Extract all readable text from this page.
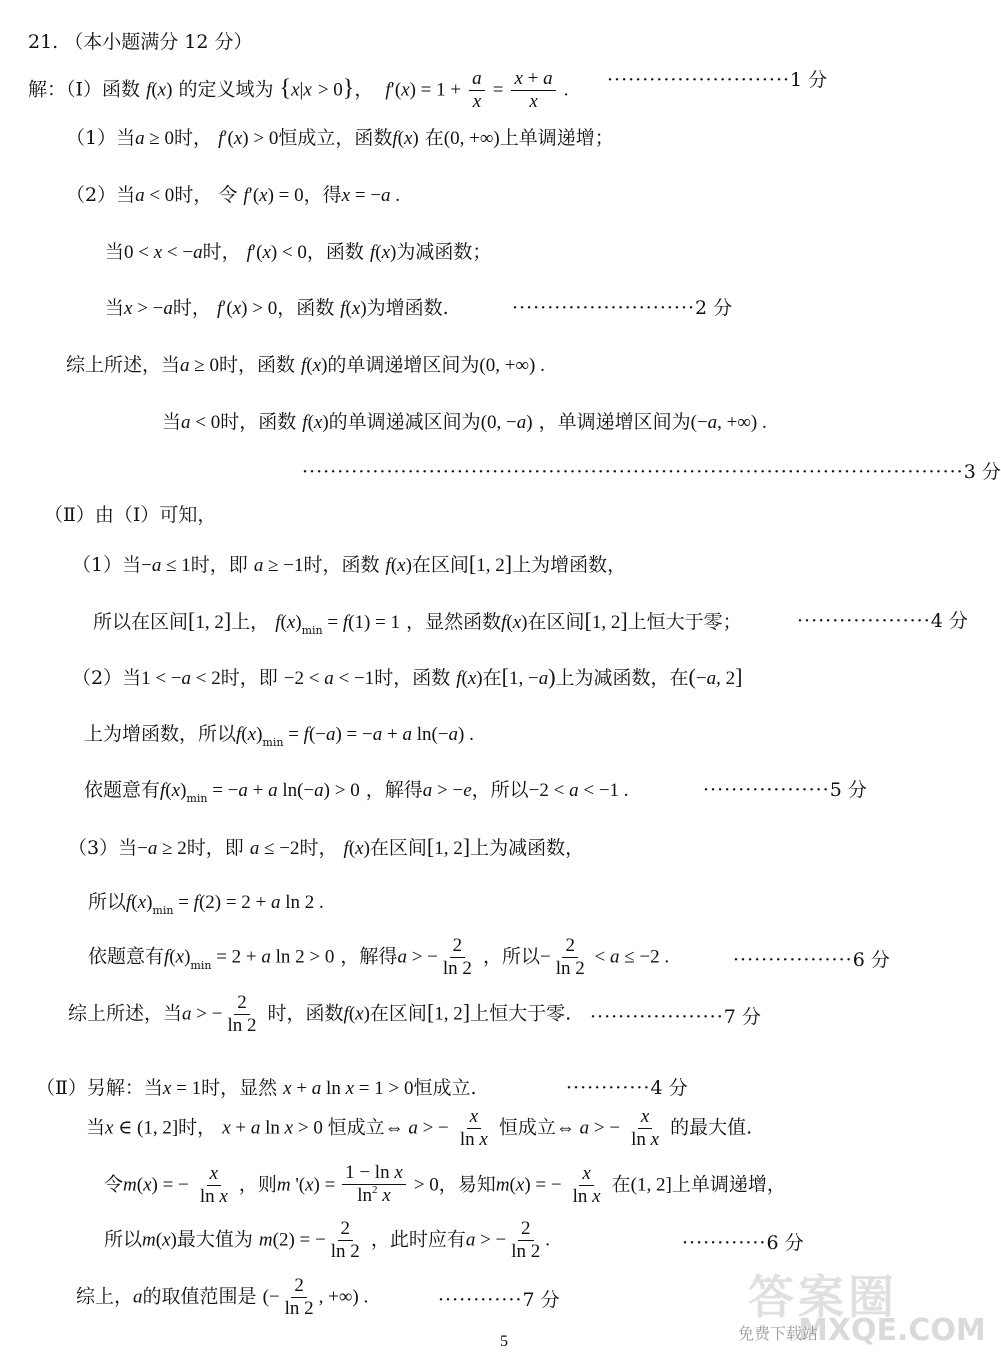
21. （本小题满分 12 分）
解：（Ⅰ）函数 f(x) 的定义域为 {x|x > 0}，  $f'(x) = 1 + \frac{a}{x} = \frac{x + a}{x}$ . ··························1 分
（1）当a ≥ 0时， f′(x) > 0恒成立，函数f(x) 在(0, +∞)上单调递增；
（2）当a < 0时， 令 f′(x) = 0，得x = −a .
当0 < x < −a时， f′(x) < 0，函数 f(x)为减函数；
当x > −a时， f′(x) > 0，函数 f(x)为增函数.	··························2 分
综上所述，当a ≥ 0时，函数 f(x)的单调递增区间为(0, +∞) .
当a < 0时，函数 f(x)的单调递减区间为(0, −a) ，单调递增区间为(−a, +∞) .
······························································································3 分
（Ⅱ）由（Ⅰ）可知，
（1）当−a ≤ 1时，即 a ≥ −1时，函数 f(x)在区间[1, 2]上为增函数，
所以在区间[1, 2]上， $f(x)_{min} = f(1) = 1$ ，显然函数f(x)在区间[1, 2]上恒大于零；	···················4 分
（2）当1 < −a < 2时，即 −2 < a < −1时，函数 f(x)在[1, −a)上为减函数，在(−a, 2]
上为增函数，所以$f(x)_{min} = f(-a) = -a + a$ ln(−a) .
依题意有$f(x)_{min} = -a + a$ ln(−a) > 0 ，解得a > −e，所以−2 < a < −1 .	··················5 分
（3）当−a ≥ 2时，即 a ≤ −2时， f(x)在区间[1, 2]上为减函数，
所以$f(x)_{min} = f(2) = 2 + a$ ln 2 .
依题意有$f(x)_{min} = 2 + a$ ln 2 > 0 ，解得a > − $\frac{2}{\ln 2}$ ，所以− $\frac{2}{\ln 2} < a \le -2$ .	·················6 分
综上所述，当a > − $\frac{2}{\ln 2}$ 时，函数f(x)在区间[1, 2]上恒大于零. ···················7 分
（Ⅱ）另解：当x = 1时，显然 x + a ln x = 1 > 0恒成立.	············4 分
当x ∈ (1, 2]时， x + a ln x > 0 恒成立⇔ a > − $\frac{x}{\text{ln x}}$ 恒成立⇔ a > − $\frac{x}{\text{ln x}}$ 的最大值.
令m(x) = − $\frac{x}{\text{ln x}}$ ，则m '$(x) = \frac{\text{1 − ln x}}{\ln^2 x} > 0$，易知m(x) = − $\frac{x}{\text{ln x}}$ 在(1, 2]上单调递增，
所以m(x)最大值为 m(2) = − $\frac{2}{\ln 2}$ ，此时应有a > − $\frac{2}{\ln 2}$ .	············6 分
综上，a的取值范围是 (− $\frac{2}{\ln 2}$ , +∞) .	············7 分
5
答案圈
MXQE.COM
免费下载站
